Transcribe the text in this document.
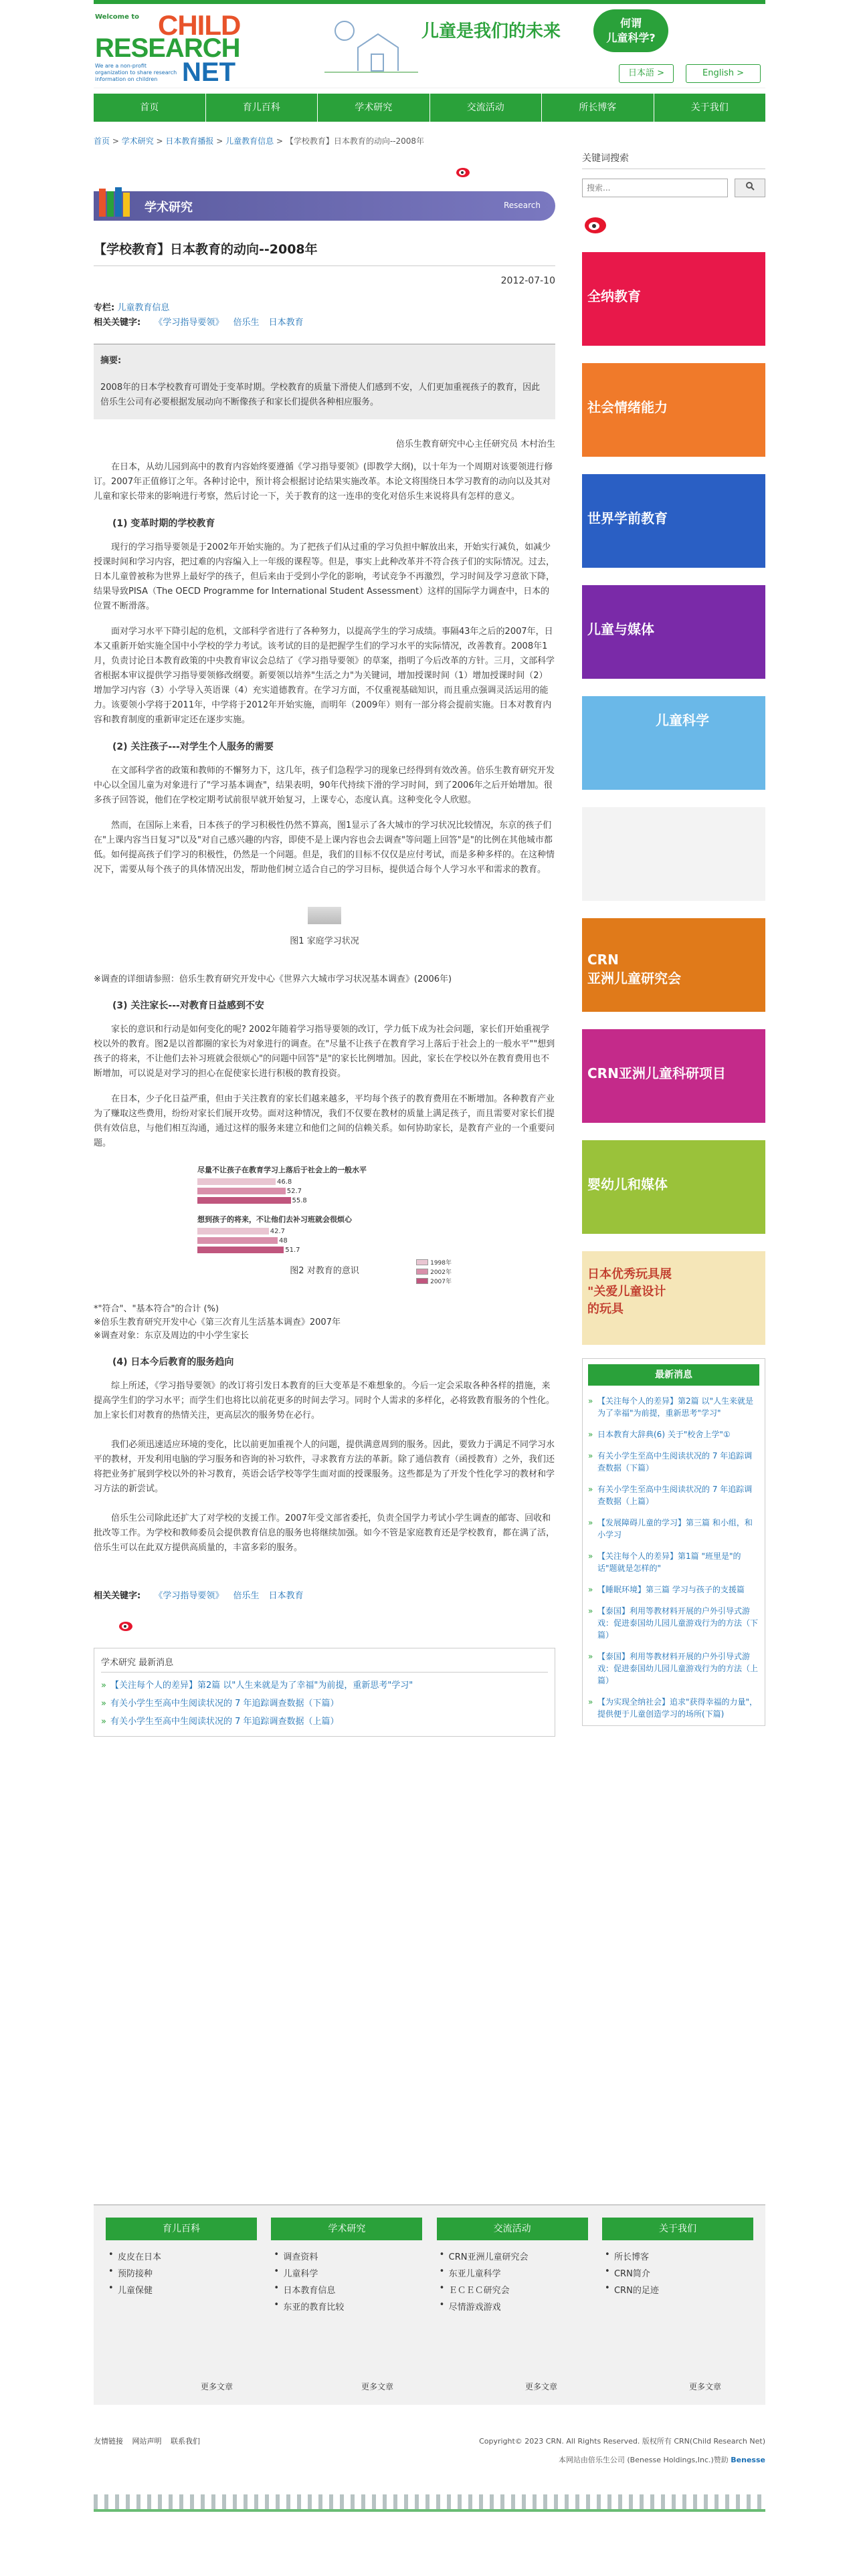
Welcome to CHILD
RESEARCH
NET
We are a non-profit organization to share research information on children
儿童是我们的未来	何谓
儿童科学?
日本語 >	English >
首页	育儿百科	学术研究	交流活动	所长博客	关于我们
首页 > 学术研究 > 日本教育播报 > 儿童教育信息 > 【学校教育】日本教育的动向--2008年
学术研究	Research
【学校教育】日本教育的动向--2008年
2012-07-10
专栏: 儿童教育信息
相关关键字: 《学习指导要领》 倍乐生 日本教育
摘要:
2008年的日本学校教育可谓处于变革时期。学校教育的质量下滑使人们感到不安，人们更加重视孩子的教育，因此倍乐生公司有必要根据发展动向不断像孩子和家长们提供各种相应服务。
倍乐生教育研究中心主任研究员 木村治生

在日本，从幼儿园到高中的教育内容始终要遵循《学习指导要领》(即教学大纲)，以十年为一个周期对该要领进行修订。2007年正值修订之年。各种讨论中，预计将会根据讨论结果实施改革。本论文将围绕日本学习教育的动向以及其对儿童和家长带来的影响进行考察，然后讨论一下，关于教育的这一连串的变化对倍乐生来说将具有怎样的意义。

(1) 变革时期的学校教育

现行的学习指导要领是于2002年开始实施的。为了把孩子们从过重的学习负担中解放出来，开始实行减负，如减少授课时间和学习内容，把过难的内容编入上一年级的课程等。但是，事实上此种改革并不符合孩子们的实际情况。过去，日本儿童曾被称为世界上最好学的孩子，但后来由于受到小学化的影响，考试竞争不再激烈，学习时间及学习意欲下降，结果导致PISA（The OECD Programme for International Student Assessment）这样的国际学力调查中，日本的位置不断滑落。

面对学习水平下降引起的危机，文部科学省进行了各种努力，以提高学生的学习成绩。事隔43年之后的2007年，日本又重新开始实施全国中小学校的学力考试。该考试的目的是把握学生们的学习水平的实际情况，改善教育。2008年1月，负责讨论日本教育政策的中央教育审议会总结了《学习指导要领》的草案，指明了今后改革的方针。三月，文部科学省根据本审议提供学习指导要领修改纲要。新要领以培养"生活之力"为关键词，增加授课时间（1）增加授课时间（2）增加学习内容（3）小学导入英语课（4）充实道德教育。在学习方面，不仅重视基础知识，而且重点强调灵活运用的能力。该要领小学将于2011年，中学将于2012年开始实施，而明年（2009年）则有一部分将会提前实施。日本对教育内容和教育制度的重新审定还在逐步实施。

(2) 关注孩子---对学生个人服务的需要

在文部科学省的政策和教师的不懈努力下，这几年，孩子们急程学习的现象已经得到有效改善。倍乐生教育研究开发中心以全国儿童为对象进行了"学习基本调查"，结果表明，90年代持续下滑的学习时间，到了2006年之后开始增加。很多孩子回答说，他们在学校定期考试前很早就开始复习，上课专心，态度认真。这种变化令人欣慰。

然而，在国际上来看，日本孩子的学习积极性仍然不算高，图1显示了各大城市的学习状况比较情况，东京的孩子们在"上课内容当日复习"以及"对自己感兴趣的内容，即使不是上课内容也会去调查"等问题上回答"是"的比例在其他城市都低。如何提高孩子们学习的积极性，仍然是一个问题。但是，我们的目标不仅仅是应付考试，而是多种多样的。在这种情况下，需要从每个孩子的具体情况出发，帮助他们树立适合自己的学习目标，提供适合每个人学习水平和需求的教育。

图1 家庭学习状况
※调查的详细请参照：倍乐生教育研究开发中心《世界六大城市学习状况基本调查》(2006年)
(3) 关注家长---对教育日益感到不安

家长的意识和行动是如何变化的呢? 2002年随着学习指导要领的改订，学力低下成为社会问题，家长们开始重视学校以外的教育。图2是以首都圈的家长为对象进行的调查。在"尽量不让孩子在教育学习上落后于社会上的一般水平""想到孩子的将来，不让他们去补习班就会很烦心"的问题中回答"是"的家长比例增加。因此，家长在学校以外在教育费用也不断增加，可以说是对学习的担心在促使家长进行积极的教育投资。

在日本，少子化日益严重，但由于关注教育的家长们越来越多，平均每个孩子的教育费用在不断增加。各种教育产业为了赚取这些费用，纷纷对家长们展开攻势。面对这种情况，我们不仅要在教材的质量上满足孩子，而且需要对家长们提供有效信息，与他们相互沟通，通过这样的服务来建立和他们之间的信赖关系。如何协助家长，是教育产业的一个重要问题。

尽量不让孩子在教育学习上落后于社会上的一般水平
46.8
52.7
55.8
想到孩子的将来，不让他们去补习班就会很烦心
42.7
48
51.7
1998年
2002年
2007年
图2 对教育的意识
*"符合"、"基本符合"的合计 (%)
※倍乐生教育研究开发中心《第三次育儿生活基本调查》2007年
※调查对象：东京及周边的中小学生家长
(4) 日本今后教育的服务趋向

综上所述，《学习指导要领》的改订将引发日本教育的巨大变革是不难想象的。今后一定会采取各种各样的措施，来提高学生们的学习水平；而学生们也将比以前花更多的时间去学习。同时个人需求的多样化，必将致教育服务的个性化。加上家长们对教育的热情关注，更高层次的服务势在必行。

我们必须迅速适应环境的变化，比以前更加重视个人的问题，提供满意周到的服务。因此，要致力于满足不同学习水平的教材，开发利用电脑的学习服务和咨询的补习软件，寻求教育方法的革新。除了通信教育（函授教育）之外，我们还将把业务扩展到学校以外的补习教育，英语会话学校等学生面对面的授课服务。这些都是为了开发个性化学习的教材和学习方法的新尝试。

倍乐生公司除此还扩大了对学校的支援工作。2007年受文部省委托，负责全国学力考试小学生调查的邮寄、回收和批改等工作。为学校和教师委员会提供教育信息的服务也将继续加强。如今不管是家庭教育还是学校教育，都在满了活，倍乐生可以在此双方提供高质量的，丰富多彩的服务。

相关关键字: 《学习指导要领》 倍乐生 日本教育
学术研究 最新消息
» 【关注每个人的差异】第2篇 以"人生来就是为了幸福"为前提，重新思考"学习"
» 有关小学生至高中生阅读状况的 7 年追踪调查数据（下篇）
» 有关小学生至高中生阅读状况的 7 年追踪调查数据（上篇）
关键词搜索
搜索...
全纳教育
社会情绪能力
世界学前教育
儿童与媒体
儿童科学
CRN
亚洲儿童研究会
CRN亚洲儿童科研项目
婴幼儿和媒体
日本优秀玩具展
"关爱儿童设计
的玩具
最新消息
» 【关注每个人的差异】第2篇 以"人生来就是为了幸福"为前提，重新思考"学习"
» 日本教育大辞典(6) 关于"校舍上学"①
» 有关小学生至高中生阅读状况的 7 年追踪调查数据（下篇）
» 有关小学生至高中生阅读状况的 7 年追踪调查数据（上篇）
» 【发展障碍儿童的学习】第三篇 和小组，和小学习
» 【关注每个人的差异】第1篇 "班里是"的话"题就是怎样的"
» 【睡眠环境】第三篇 学习与孩子的支援篇
» 【泰国】利用等教材料开展的户外引导式游戏：促进泰国幼儿园儿童游戏行为的方法（下篇）
» 【泰国】利用等教材料开展的户外引导式游戏：促进泰国幼儿园儿童游戏行为的方法（上篇）
» 【为实现全纳社会】追求"获得幸福的力量"，提供便于儿童创造学习的场所(下篇)
育儿百科
• 皮皮在日本
• 预防接种
• 儿童保健
学术研究
• 调查资料
• 儿童科学
• 日本教育信息
• 东亚的教育比较
交流活动
• CRN亚洲儿童研究会
• 东亚儿童科学
• ＥＣＥＣ研究会
• 尽情游戏游戏
关于我们
• 所长博客
• CRN简介
• CRN的足迹
更多文章	更多文章	更多文章	更多文章
友情链接 网站声明 联系我们	Copyright© 2023 CRN. All Rights Reserved. 版权所有 CRN(Child Research Net)
本网站由倍乐生公司 (Benesse Holdings,Inc.)赞助 Benesse
